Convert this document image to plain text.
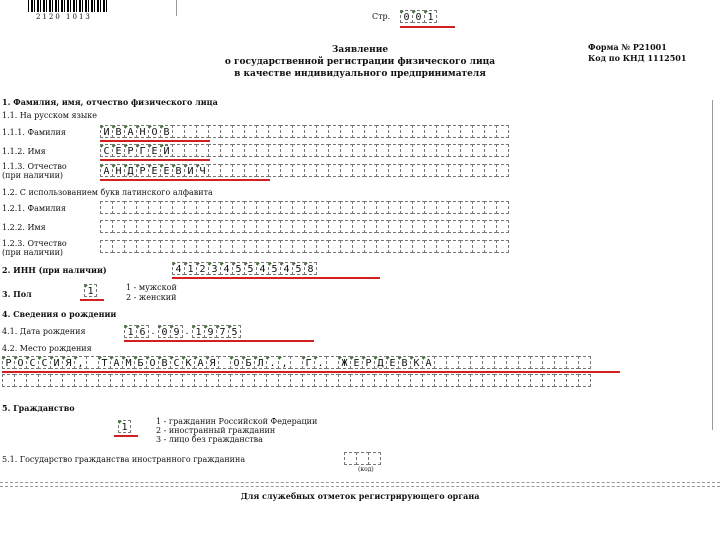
2120 1013	Стр.	0 0 1
Заявление
о государственной регистрации физического лица
в качестве индивидуального предпринимателя
Форма № Р21001
Код по КНД 1112501
1. Фамилия, имя, отчество физического лица
1.1. На русском языке
1.1.1. Фамилия	И В А Н О В
1.1.2. Имя	С Е Р Г Е Й
1.1.3. Отчество
(при наличии)	А Н Д Р Е Е В И Ч
1.2. С использованием букв латинского алфавита
1.2.1. Фамилия
1.2.2. Имя
1.2.3. Отчество
(при наличии)
2. ИНН (при наличии)	4 1 2 3 4 5 5 4 5 4 5 8
3. Пол	1	1 - мужской
2 - женский
4. Сведения о рождении
4.1. Дата рождения	1 6 . 0 9 . 1 9 7 5
4.2. Место рождения
Р О С С И Я ,	Т А М Б О В С К А Я	О Б Л . ,	Г .	Ж Е Р Д Е В К А
5. Гражданство
1
1 - гражданин Российской Федерации
2 - иностранный гражданин
3 - лицо без гражданства
5.1. Государство гражданства иностранного гражданина
(код)
Для служебных отметок регистрирующего органа
